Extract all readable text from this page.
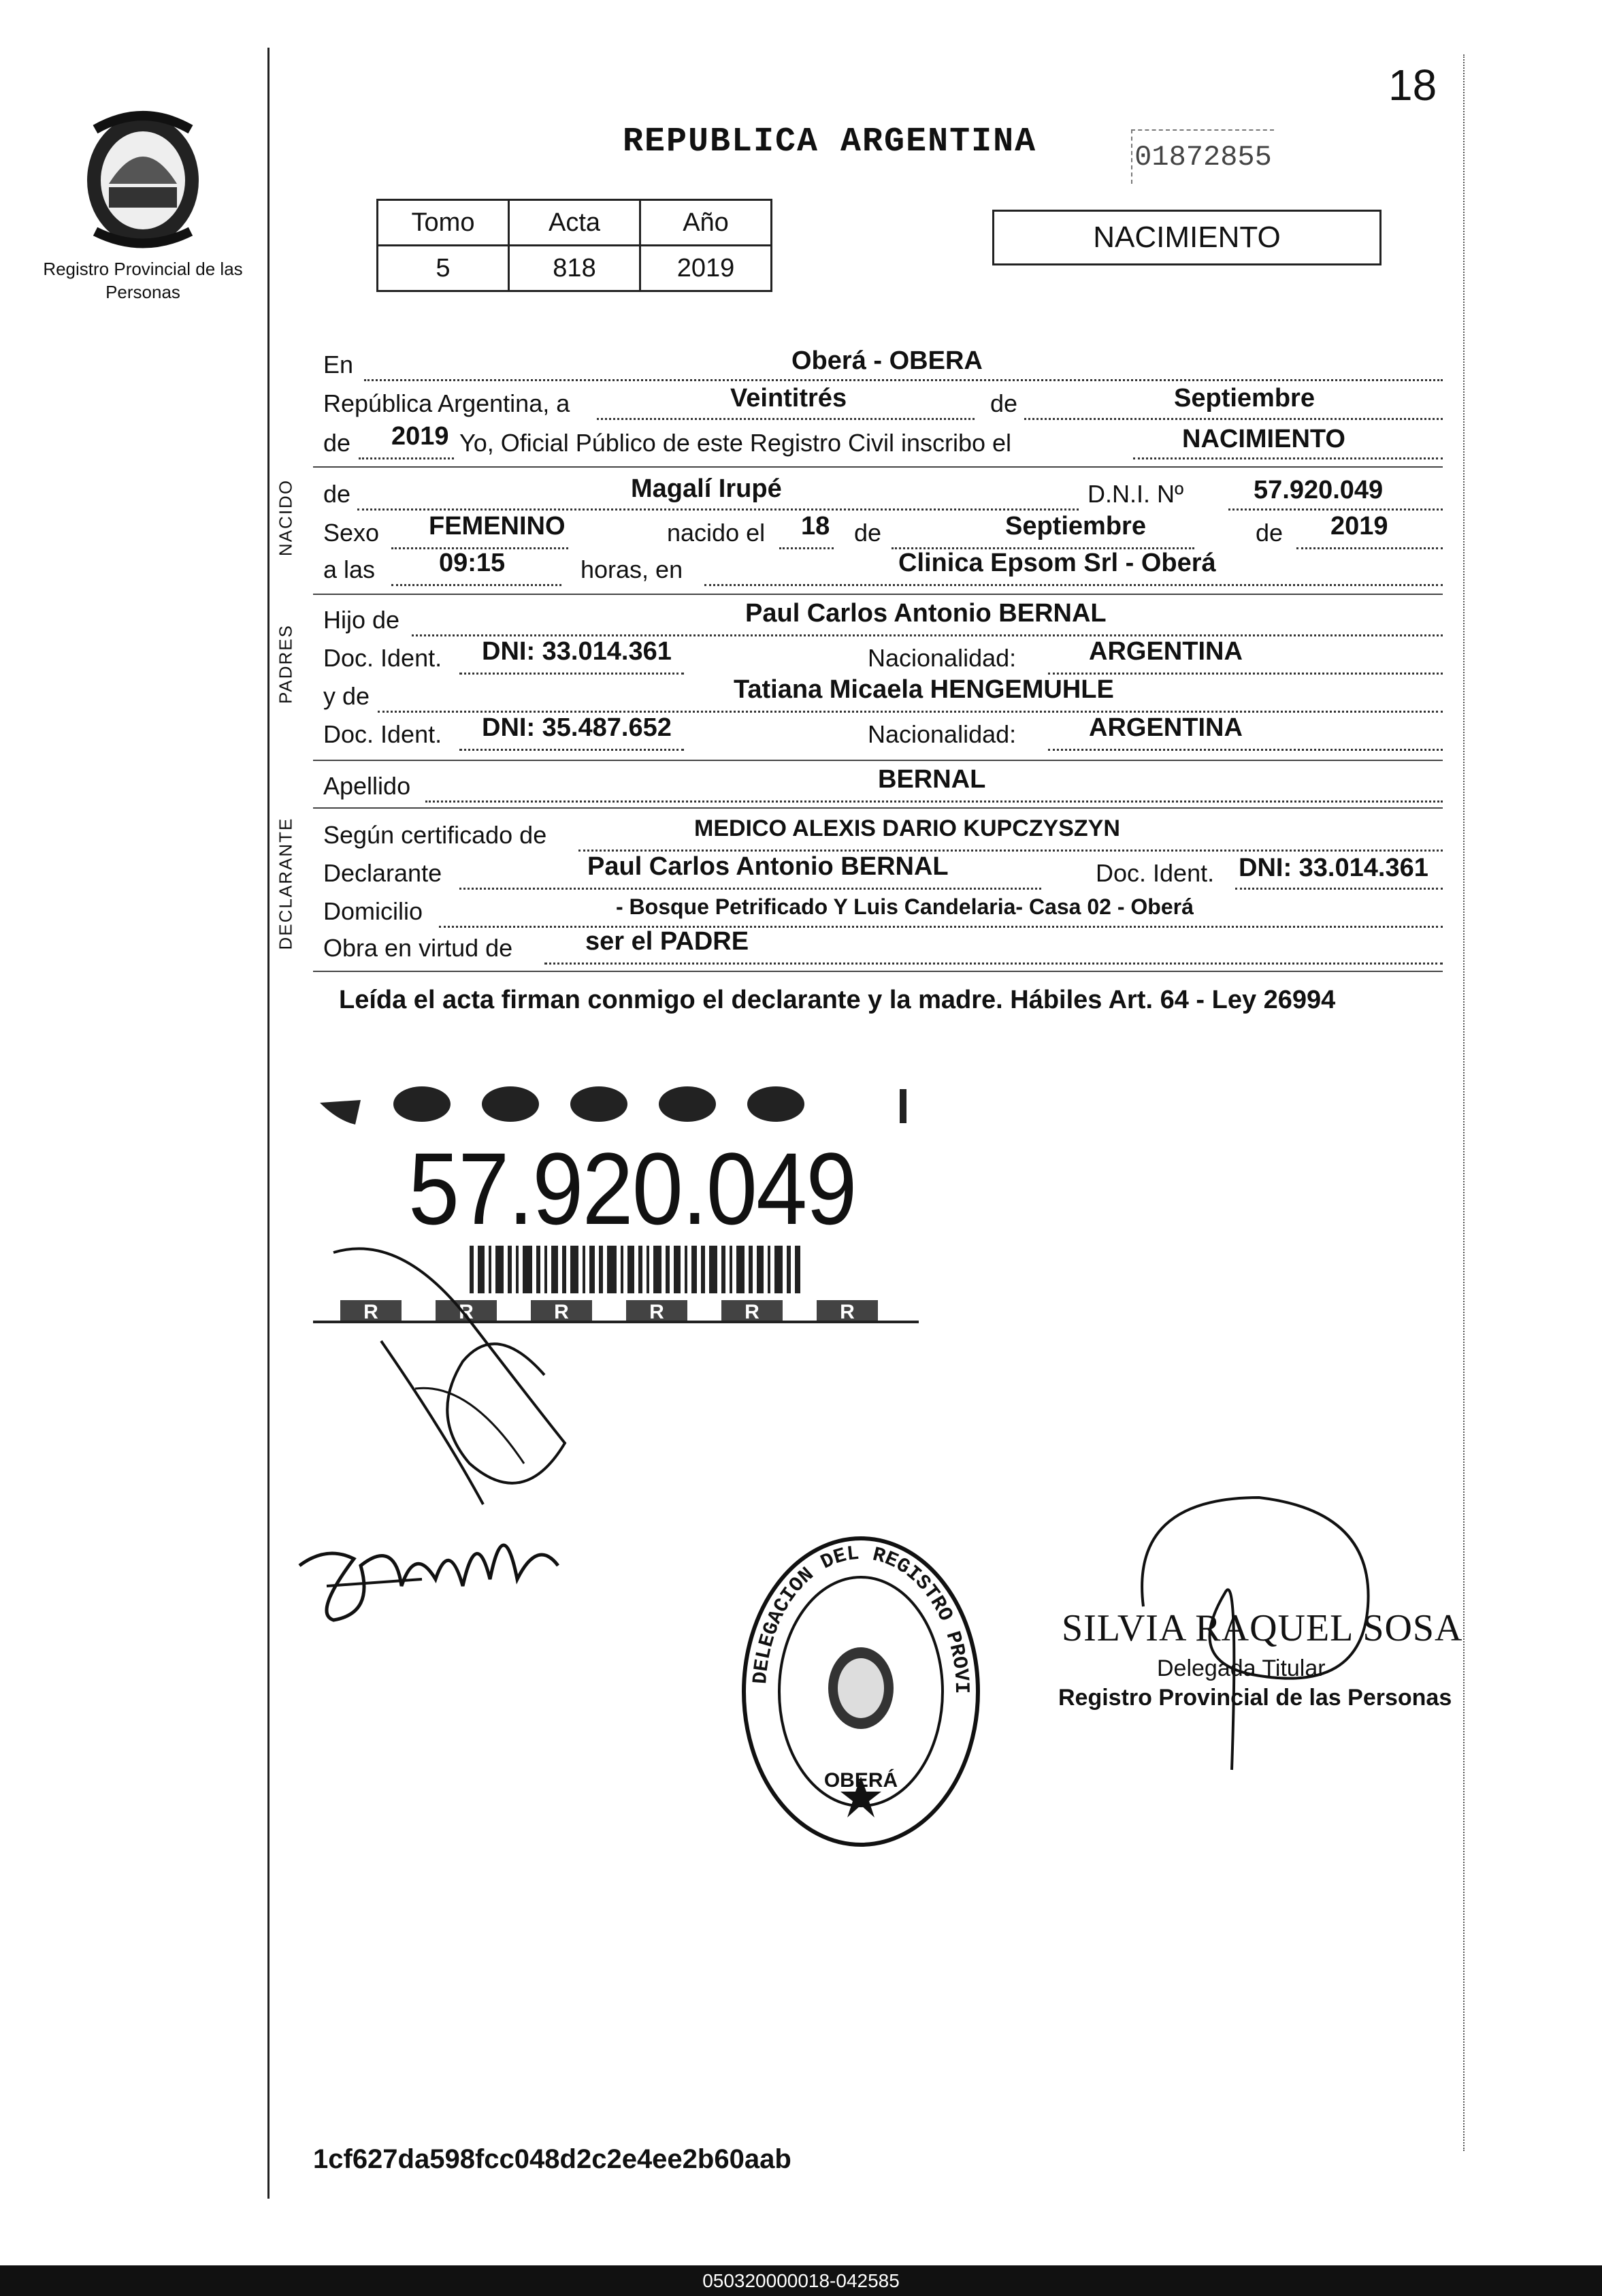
18
Registro Provincial de las Personas
REPUBLICA ARGENTINA	01872855
Tomo	Acta	Año
5	818	2019
NACIMIENTO
En	Oberá - OBERA
República Argentina, a	Veintitrés	de	Septiembre
de 2019 Yo, Oficial Público de este Registro Civil inscribo el	NACIMIENTO
NACIDO de	Magalí Irupé	D.N.I. Nº	57.920.049
Sexo FEMENINO	nacido el 18 de	Septiembre	de 2019
a las 09:15	horas, en	Clinica Epsom Srl - Oberá
PADRES
Hijo de	Paul Carlos Antonio BERNAL
Doc. Ident. DNI: 33.014.361	Nacionalidad:	ARGENTINA
y de	Tatiana Micaela HENGEMUHLE
Doc. Ident. DNI: 35.487.652	Nacionalidad:	ARGENTINA
Apellido	BERNAL
DECLARANTE Según certificado de	MEDICO ALEXIS DARIO KUPCZYSZYN
Declarante	Paul Carlos Antonio BERNAL	Doc. Ident. DNI: 33.014.361
Domicilio	- Bosque Petrificado Y Luis Candelaria- Casa 02 - Oberá
Obra en virtud de	ser el PADRE
Leída el acta firman conmigo el declarante y la madre. Hábiles Art. 64 - Ley 26994
R	R	R	R	R	R
57.920.049
DELEGACION DEL REGISTRO PROVI
OBERÁ
SILVIA RAQUEL SOSA
Delegada Titular
Registro Provincial de las Personas
1cf627da598fcc048d2c2e4ee2b60aab
050320000018-042585
